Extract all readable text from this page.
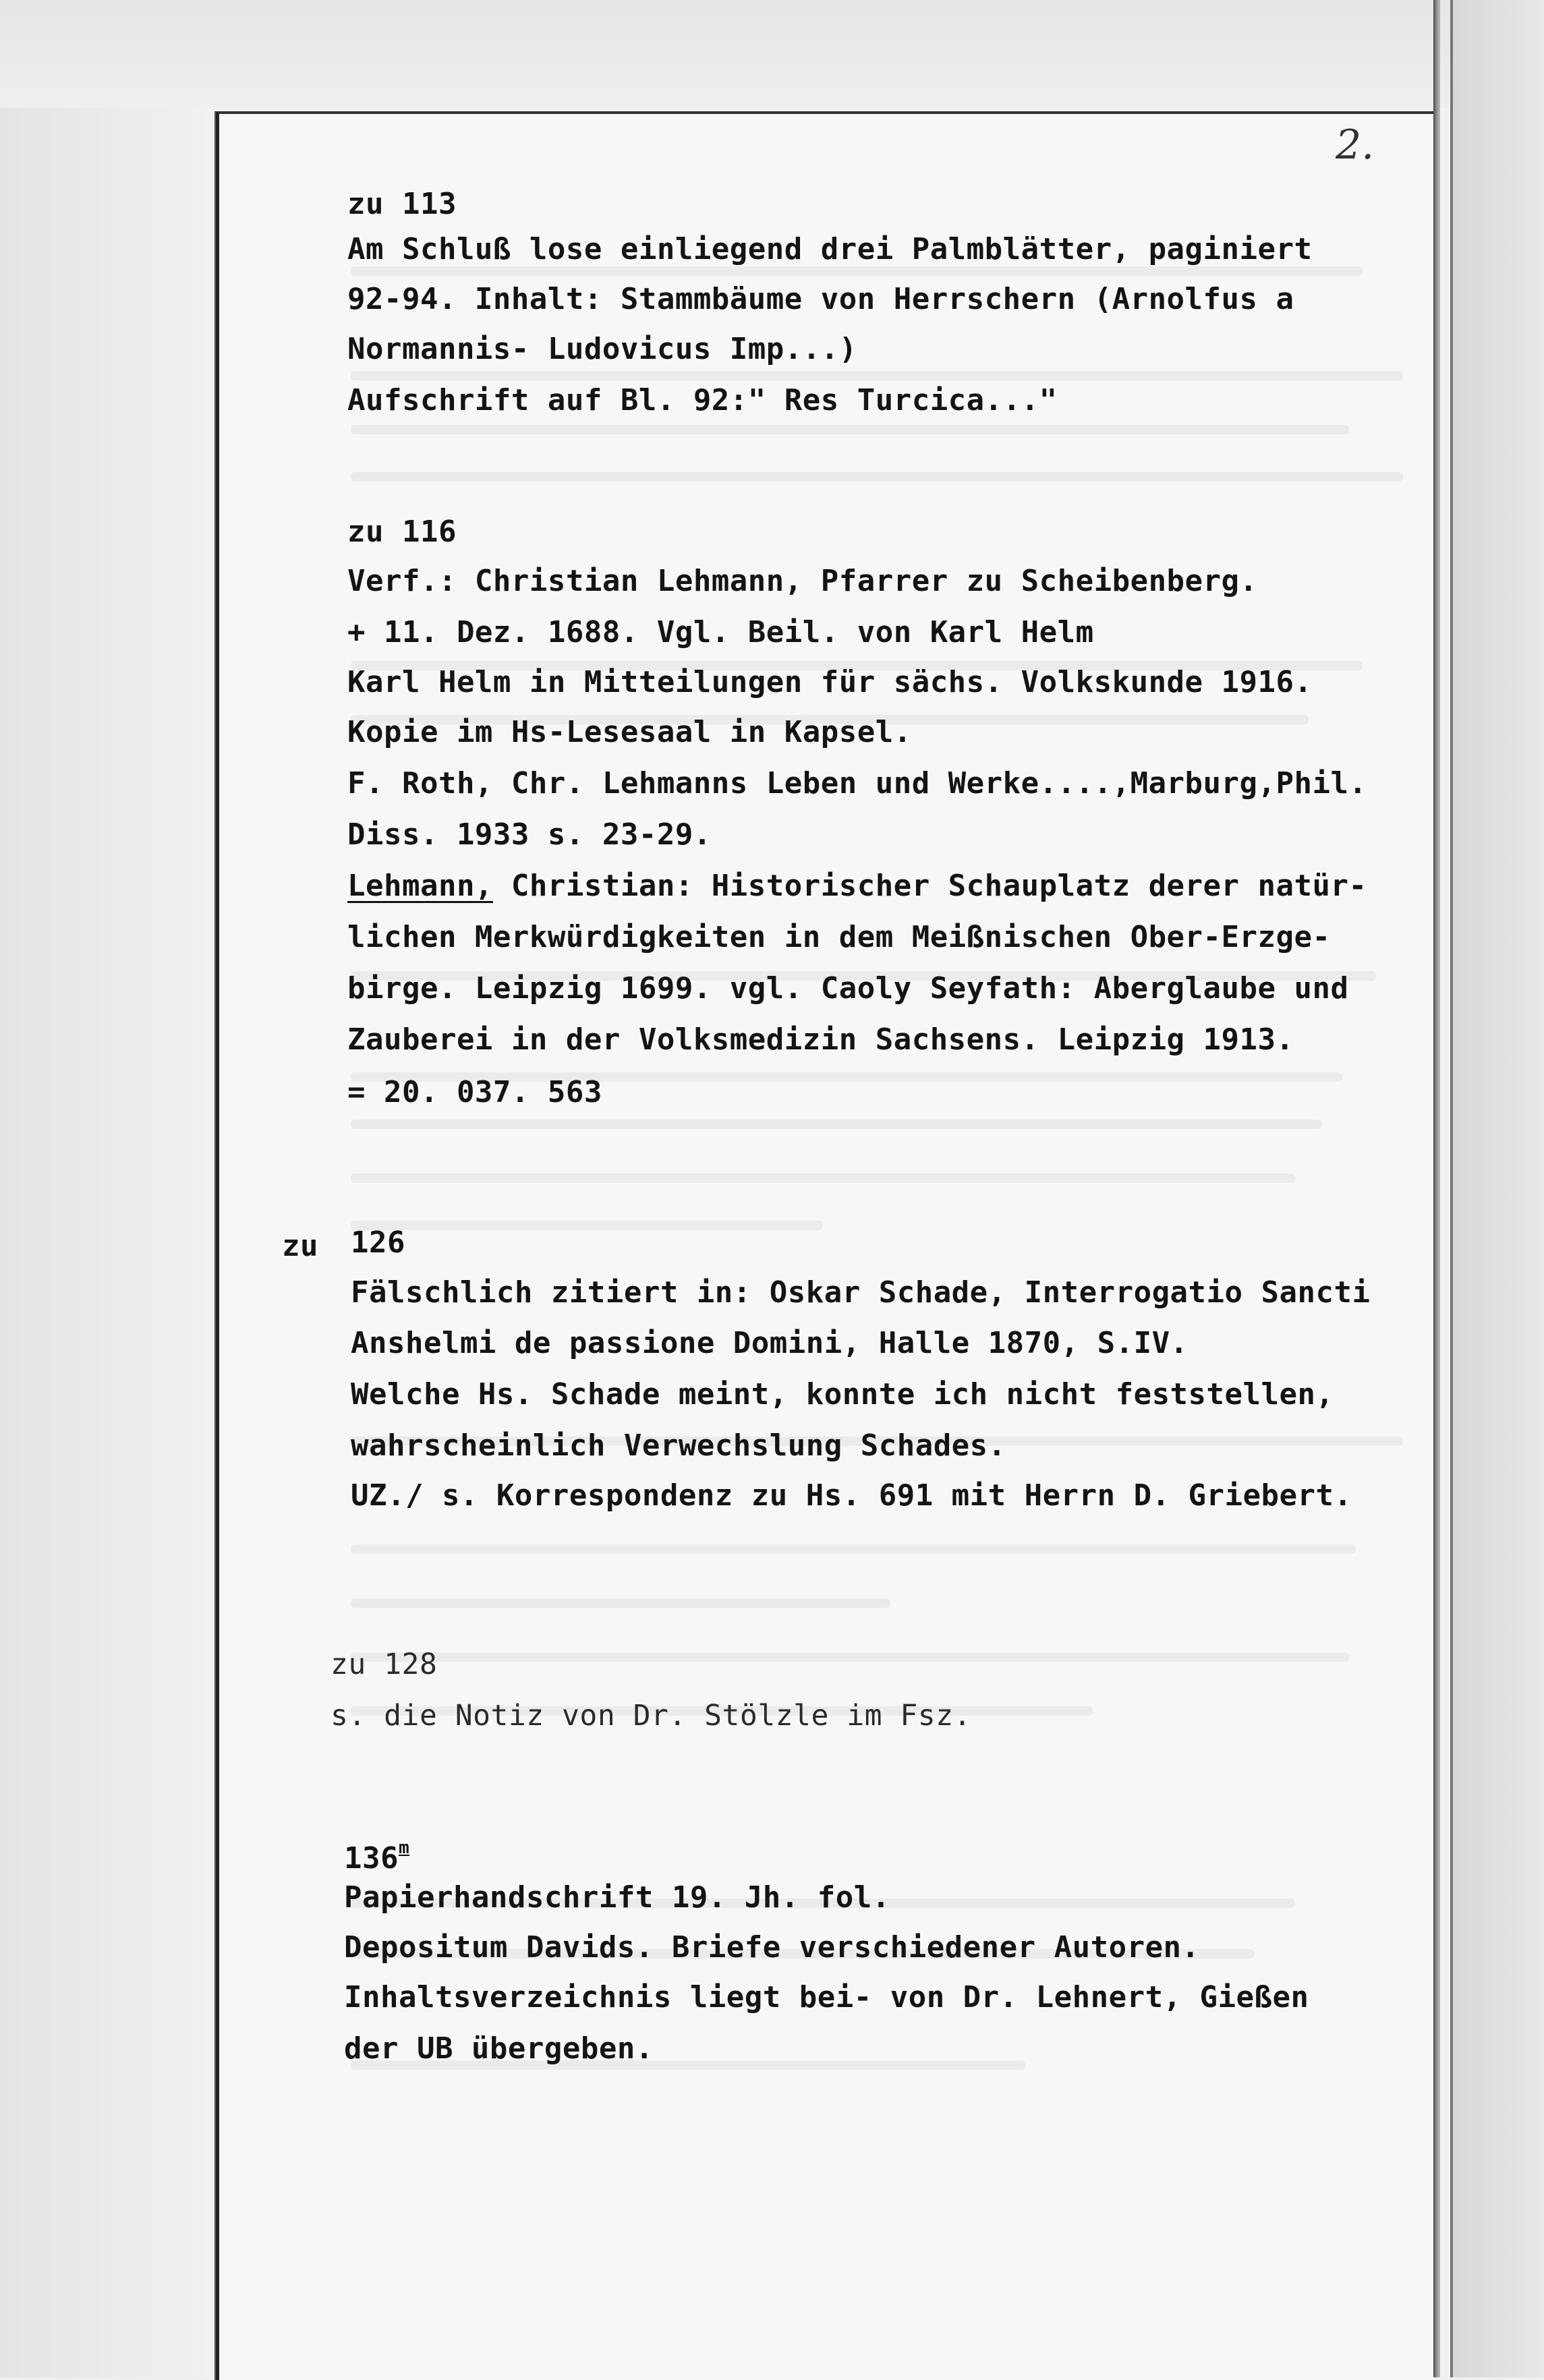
2.
zu 113
Am Schluß lose einliegend drei Palmblätter, paginiert
92-94. Inhalt: Stammbäume von Herrschern (Arnolfus a
Normannis- Ludovicus Imp...)
Aufschrift auf Bl. 92:" Res Turcica..."
zu 116
Verf.: Christian Lehmann, Pfarrer zu Scheibenberg.
+ 11. Dez. 1688. Vgl. Beil. von Karl Helm
Karl Helm in Mitteilungen für sächs. Volkskunde 1916.
Kopie im Hs-Lesesaal in Kapsel.
F. Roth, Chr. Lehmanns Leben und Werke....,Marburg,Phil.
Diss. 1933 s. 23-29.
Lehmann, Christian: Historischer Schauplatz derer natür-
lichen Merkwürdigkeiten in dem Meißnischen Ober-Erzge-
birge. Leipzig 1699. vgl. Caoly Seyfath: Aberglaube und
Zauberei in der Volksmedizin Sachsens. Leipzig 1913.
= 20. 037. 563
zu 126
Fälschlich zitiert in: Oskar Schade, Interrogatio Sancti
Anshelmi de passione Domini, Halle 1870, S.IV.
Welche Hs. Schade meint, konnte ich nicht feststellen,
wahrscheinlich Verwechslung Schades.
UZ./ s. Korrespondenz zu Hs. 691 mit Herrn D. Griebert.
zu 128
s. die Notiz von Dr. Stölzle im Fsz.
136$^m$
Papierhandschrift 19. Jh. fol.
Depositum Davids. Briefe verschiedener Autoren.
Inhaltsverzeichnis liegt bei- von Dr. Lehnert, Gießen
der UB übergeben.
